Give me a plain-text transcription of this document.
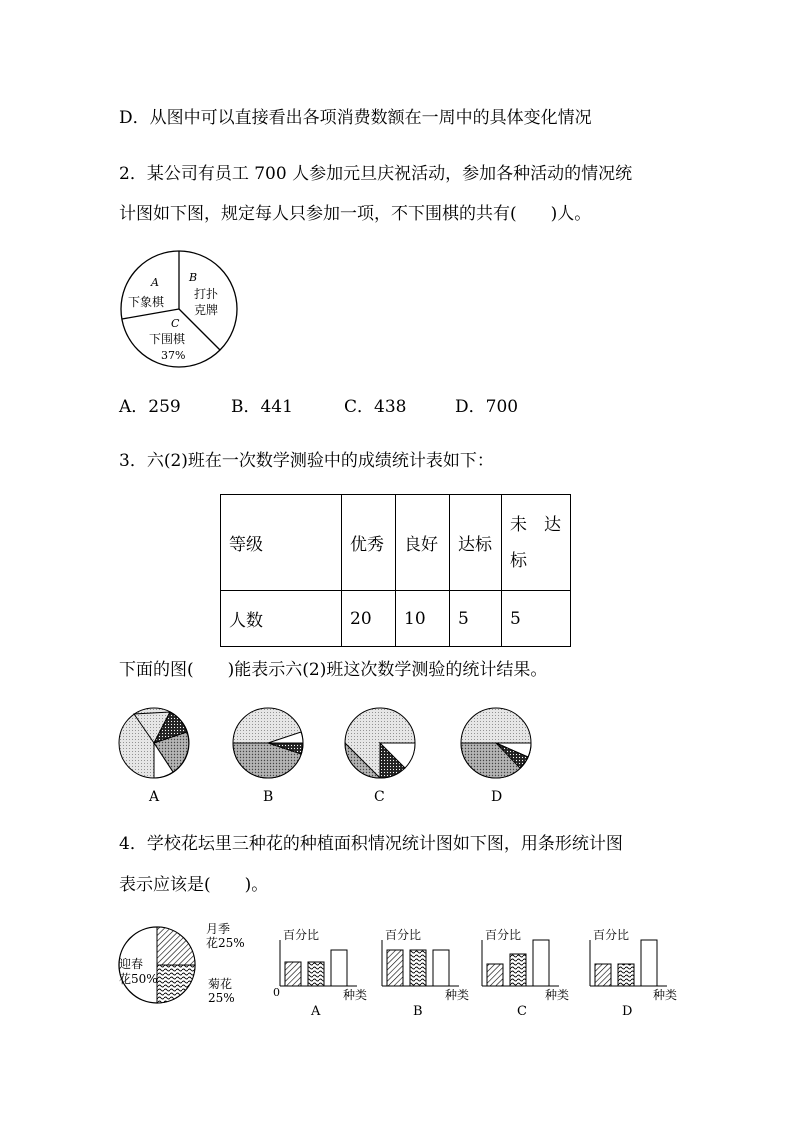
D．从图中可以直接看出各项消费数额在一周中的具体变化情况
2．某公司有员工 700 人参加元旦庆祝活动，参加各种活动的情况统
计图如下图，规定每人只参加一项，不下围棋的共有(　　)人。
A
下象棋
B
打扑
克牌
C
下围棋
37%
A．259	B．441	C．438	D．700
3．六(2)班在一次数学测验中的成绩统计表如下：
等级	优秀	良好	达标	未　达
标

人数	20	10	5	5
下面的图(　　)能表示六(2)班这次数学测验的统计结果。
A	B	C	D
4．学校花坛里三种花的种植面积情况统计图如下图，用条形统计图
表示应该是(　　)。
迎春
花50%
月季
花25%
菊花
25%
百分比
0	种类
A
百分比
种类
B
百分比
种类
C
百分比
种类
D
